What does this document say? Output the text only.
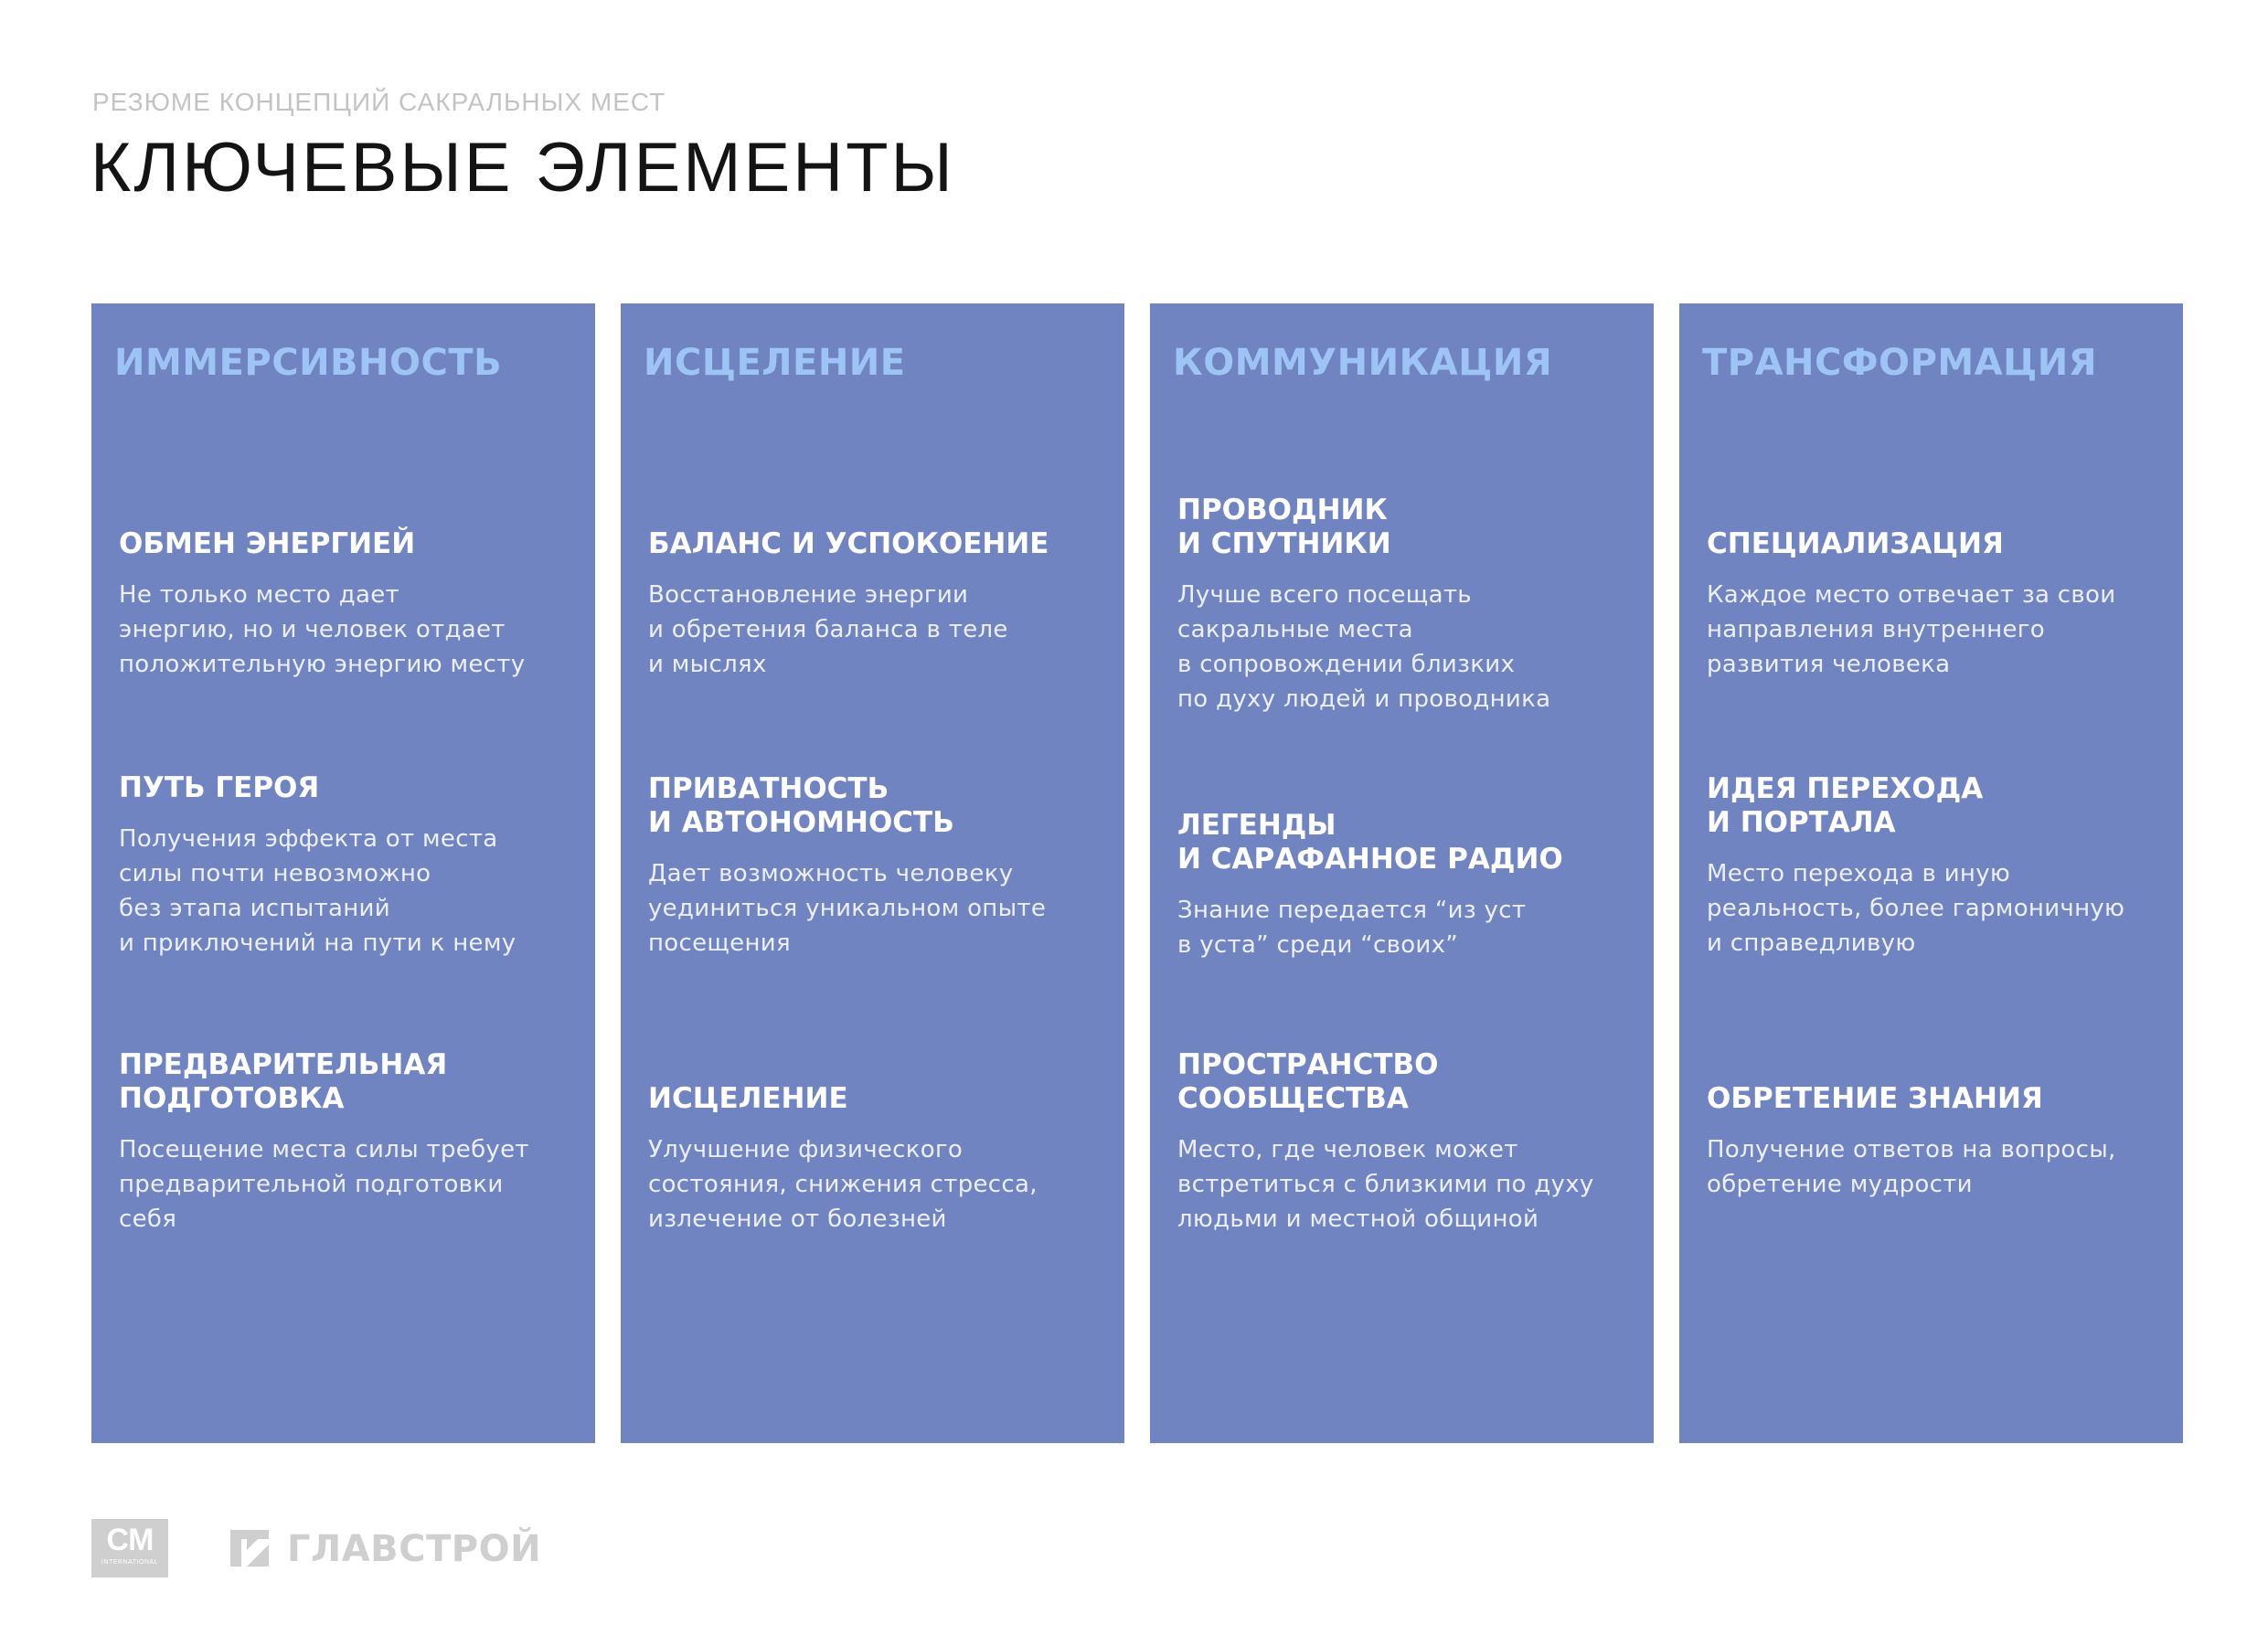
РЕЗЮМЕ КОНЦЕПЦИЙ САКРАЛЬНЫХ МЕСТ
КЛЮЧЕВЫЕ ЭЛЕМЕНТЫ
ИММЕРСИВНОСТЬ
ОБМЕН ЭНЕРГИЕЙ
Не только место дает
энергию, но и человек отдает
положительную энергию месту
ПУТЬ ГЕРОЯ
Получения эффекта от места
силы почти невозможно
без этапа испытаний
и приключений на пути к нему
ПРЕДВАРИТЕЛЬНАЯ
ПОДГОТОВКА
Посещение места силы требует
предварительной подготовки
себя
ИСЦЕЛЕНИЕ
БАЛАНС И УСПОКОЕНИЕ
Восстановление энергии
и обретения баланса в теле
и мыслях
ПРИВАТНОСТЬ
И АВТОНОМНОСТЬ
Дает возможность человеку
уединиться уникальном опыте
посещения
ИСЦЕЛЕНИЕ
Улучшение физического
состояния, снижения стресса,
излечение от болезней
КОММУНИКАЦИЯ
ПРОВОДНИК
И СПУТНИКИ
Лучше всего посещать
сакральные места
в сопровождении близких
по духу людей и проводника
ЛЕГЕНДЫ
И САРАФАННОЕ РАДИО
Знание передается “из уст
в уста” среди “своих”
ПРОСТРАНСТВО
СООБЩЕСТВА
Место, где человек может
встретиться с близкими по духу
людьми и местной общиной
ТРАНСФОРМАЦИЯ
СПЕЦИАЛИЗАЦИЯ
Каждое место отвечает за свои
направления внутреннего
развития человека
ИДЕЯ ПЕРЕХОДА
И ПОРТАЛА
Место перехода в иную
реальность, более гармоничную
и справедливую
ОБРЕТЕНИЕ ЗНАНИЯ
Получение ответов на вопросы,
обретение мудрости
CM
INTERNATIONAL	ГЛАВСТРОЙ
